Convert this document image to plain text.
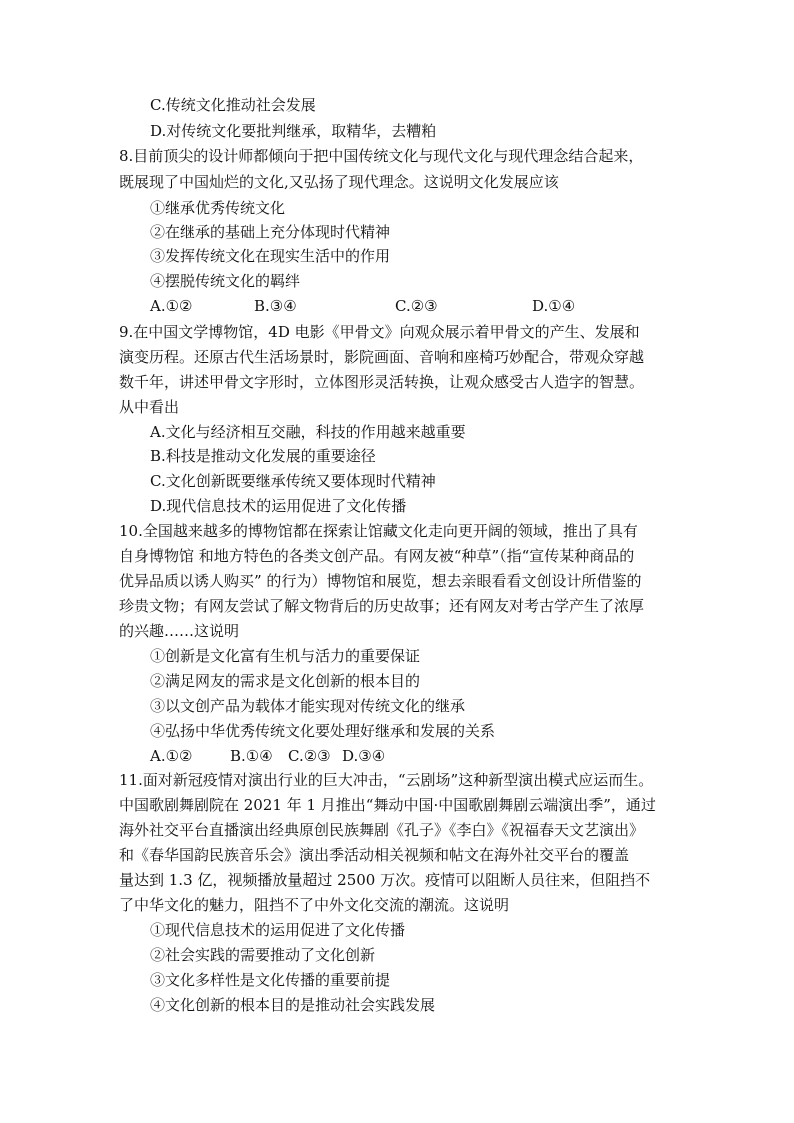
C.传统文化推动社会发展
D.对传统文化要批判继承，取精华，去糟粕
8.目前顶尖的设计师都倾向于把中国传统文化与现代文化与现代理念结合起来，
既展现了中国灿烂的文化,又弘扬了现代理念。这说明文化发展应该
①继承优秀传统文化
②在继承的基础上充分体现时代精神
③发挥传统文化在现实生活中的作用
④摆脱传统文化的羁绊
A.①②	B.③④	C.②③	D.①④
9.在中国文学博物馆，4D 电影《甲骨文》向观众展示着甲骨文的产生、发展和
演变历程。还原古代生活场景时，影院画面、音响和座椅巧妙配合，带观众穿越
数千年，讲述甲骨文字形时，立体图形灵活转换，让观众感受古人造字的智慧。
从中看出
A.文化与经济相互交融，科技的作用越来越重要
B.科技是推动文化发展的重要途径
C.文化创新既要继承传统又要体现时代精神
D.现代信息技术的运用促进了文化传播
10.全国越来越多的博物馆都在探索让馆藏文化走向更开阔的领域，推出了具有
自身博物馆 和地方特色的各类文创产品。有网友被“种草”（指“宣传某种商品的
优异品质以诱人购买” 的行为）博物馆和展览，想去亲眼看看文创设计所借鉴的
珍贵文物；有网友尝试了解文物背后的历史故事；还有网友对考古学产生了浓厚
的兴趣……这说明
①创新是文化富有生机与活力的重要保证
②满足网友的需求是文化创新的根本目的
③以文创产品为载体才能实现对传统文化的继承
④弘扬中华优秀传统文化要处理好继承和发展的关系
A.①②	B.①④ C.②③ D.③④
11.面对新冠疫情对演出行业的巨大冲击，“云剧场”这种新型演出模式应运而生。
中国歌剧舞剧院在 2021 年 1 月推出“舞动中国·中国歌剧舞剧云端演出季”，通过
海外社交平台直播演出经典原创民族舞剧《孔子》《李白》《祝福春天文艺演出》
和《春华国韵民族音乐会》演出季活动相关视频和帖文在海外社交平台的覆盖
量达到 1.3 亿，视频播放量超过 2500 万次。疫情可以阻断人员往来，但阻挡不
了中华文化的魅力，阻挡不了中外文化交流的潮流。这说明
①现代信息技术的运用促进了文化传播
②社会实践的需要推动了文化创新
③文化多样性是文化传播的重要前提
④文化创新的根本目的是推动社会实践发展
